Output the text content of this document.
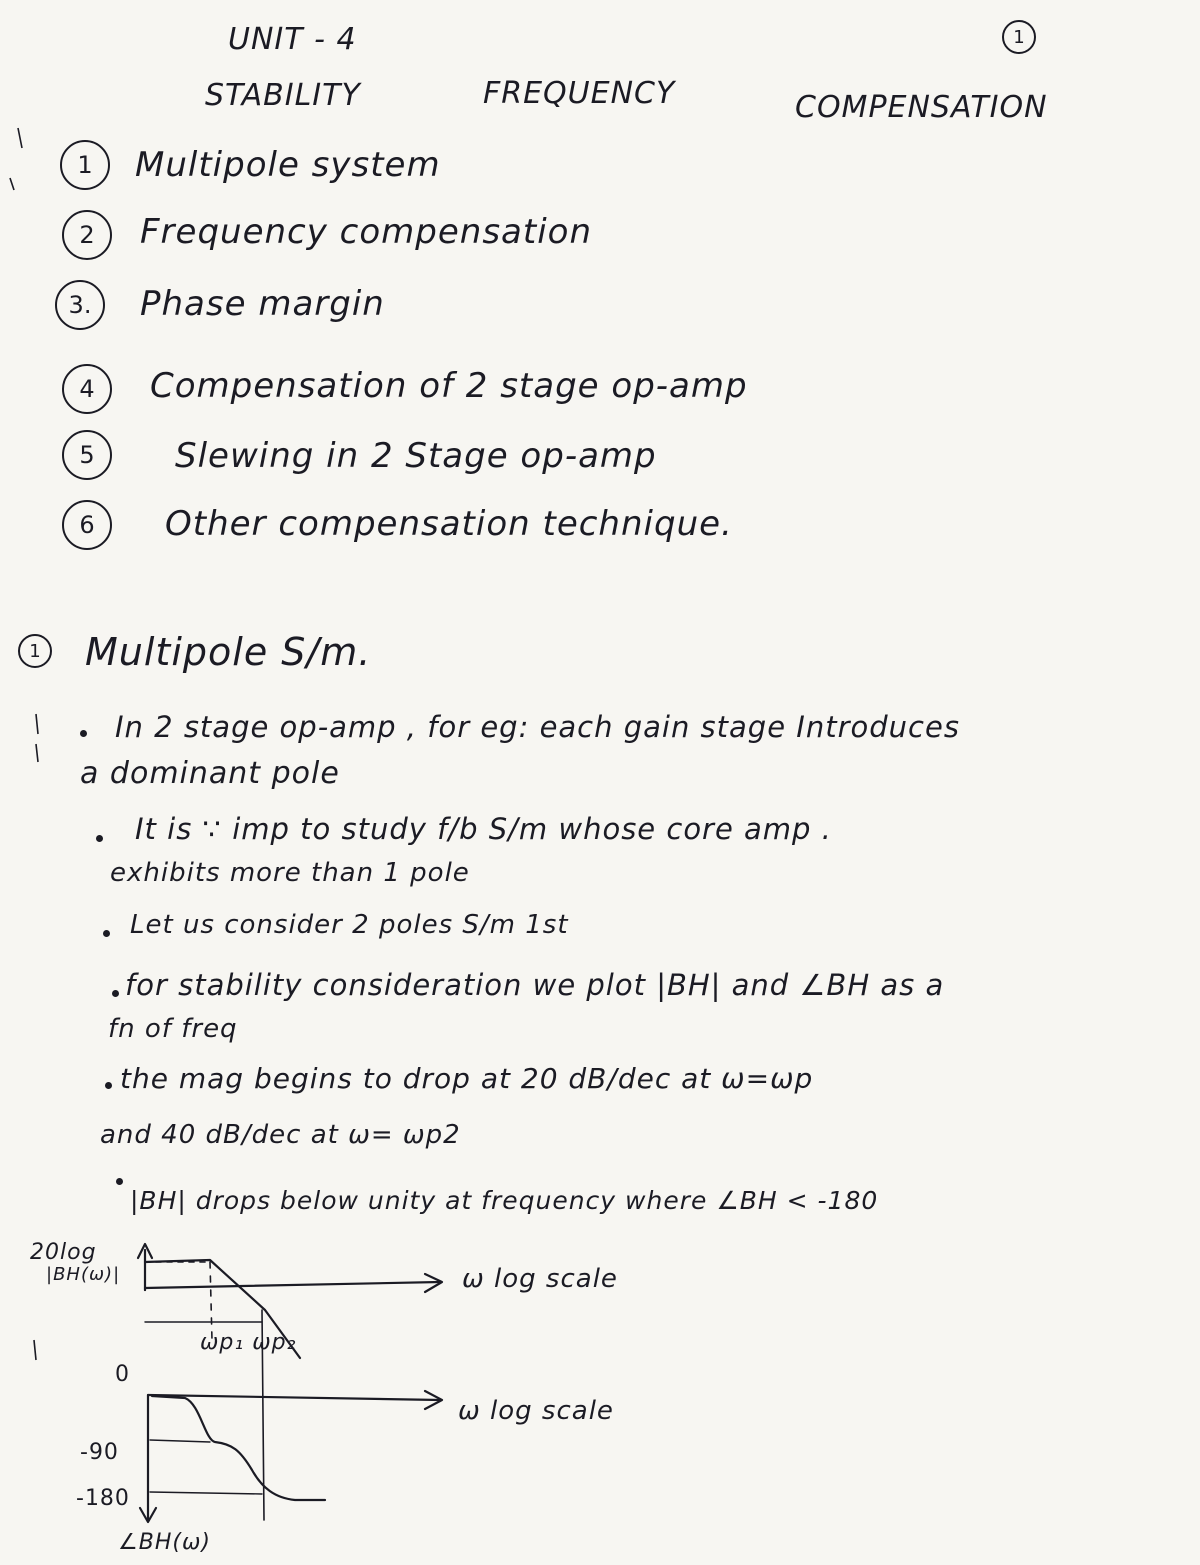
UNIT - 4
STABILITY	FREQUENCY	COMPENSATION
1
1	Multipole system
2	Frequency compensation
3.	Phase margin
4	Compensation of 2 stage op-amp
5	Slewing in 2 Stage op-amp
6	Other compensation technique.
1 Multipole S/m.
In 2 stage op-amp , for eg: each gain stage Introduces
a dominant pole
It is ∵ imp to study f/b S/m whose core amp .
exhibits more than 1 pole
Let us consider 2 poles S/m 1st
for stability consideration we plot |BH| and ∠BH as a
fn of freq
the mag begins to drop at 20 dB/dec at ω=ωp
and 40 dB/dec at ω= ωp2
|BH| drops below unity at frequency where ∠BH < -180
20log
|BH(ω)|	ω log scale
ωp₁ ωp₂
ω log scale
0
-90
-180
∠BH(ω)
